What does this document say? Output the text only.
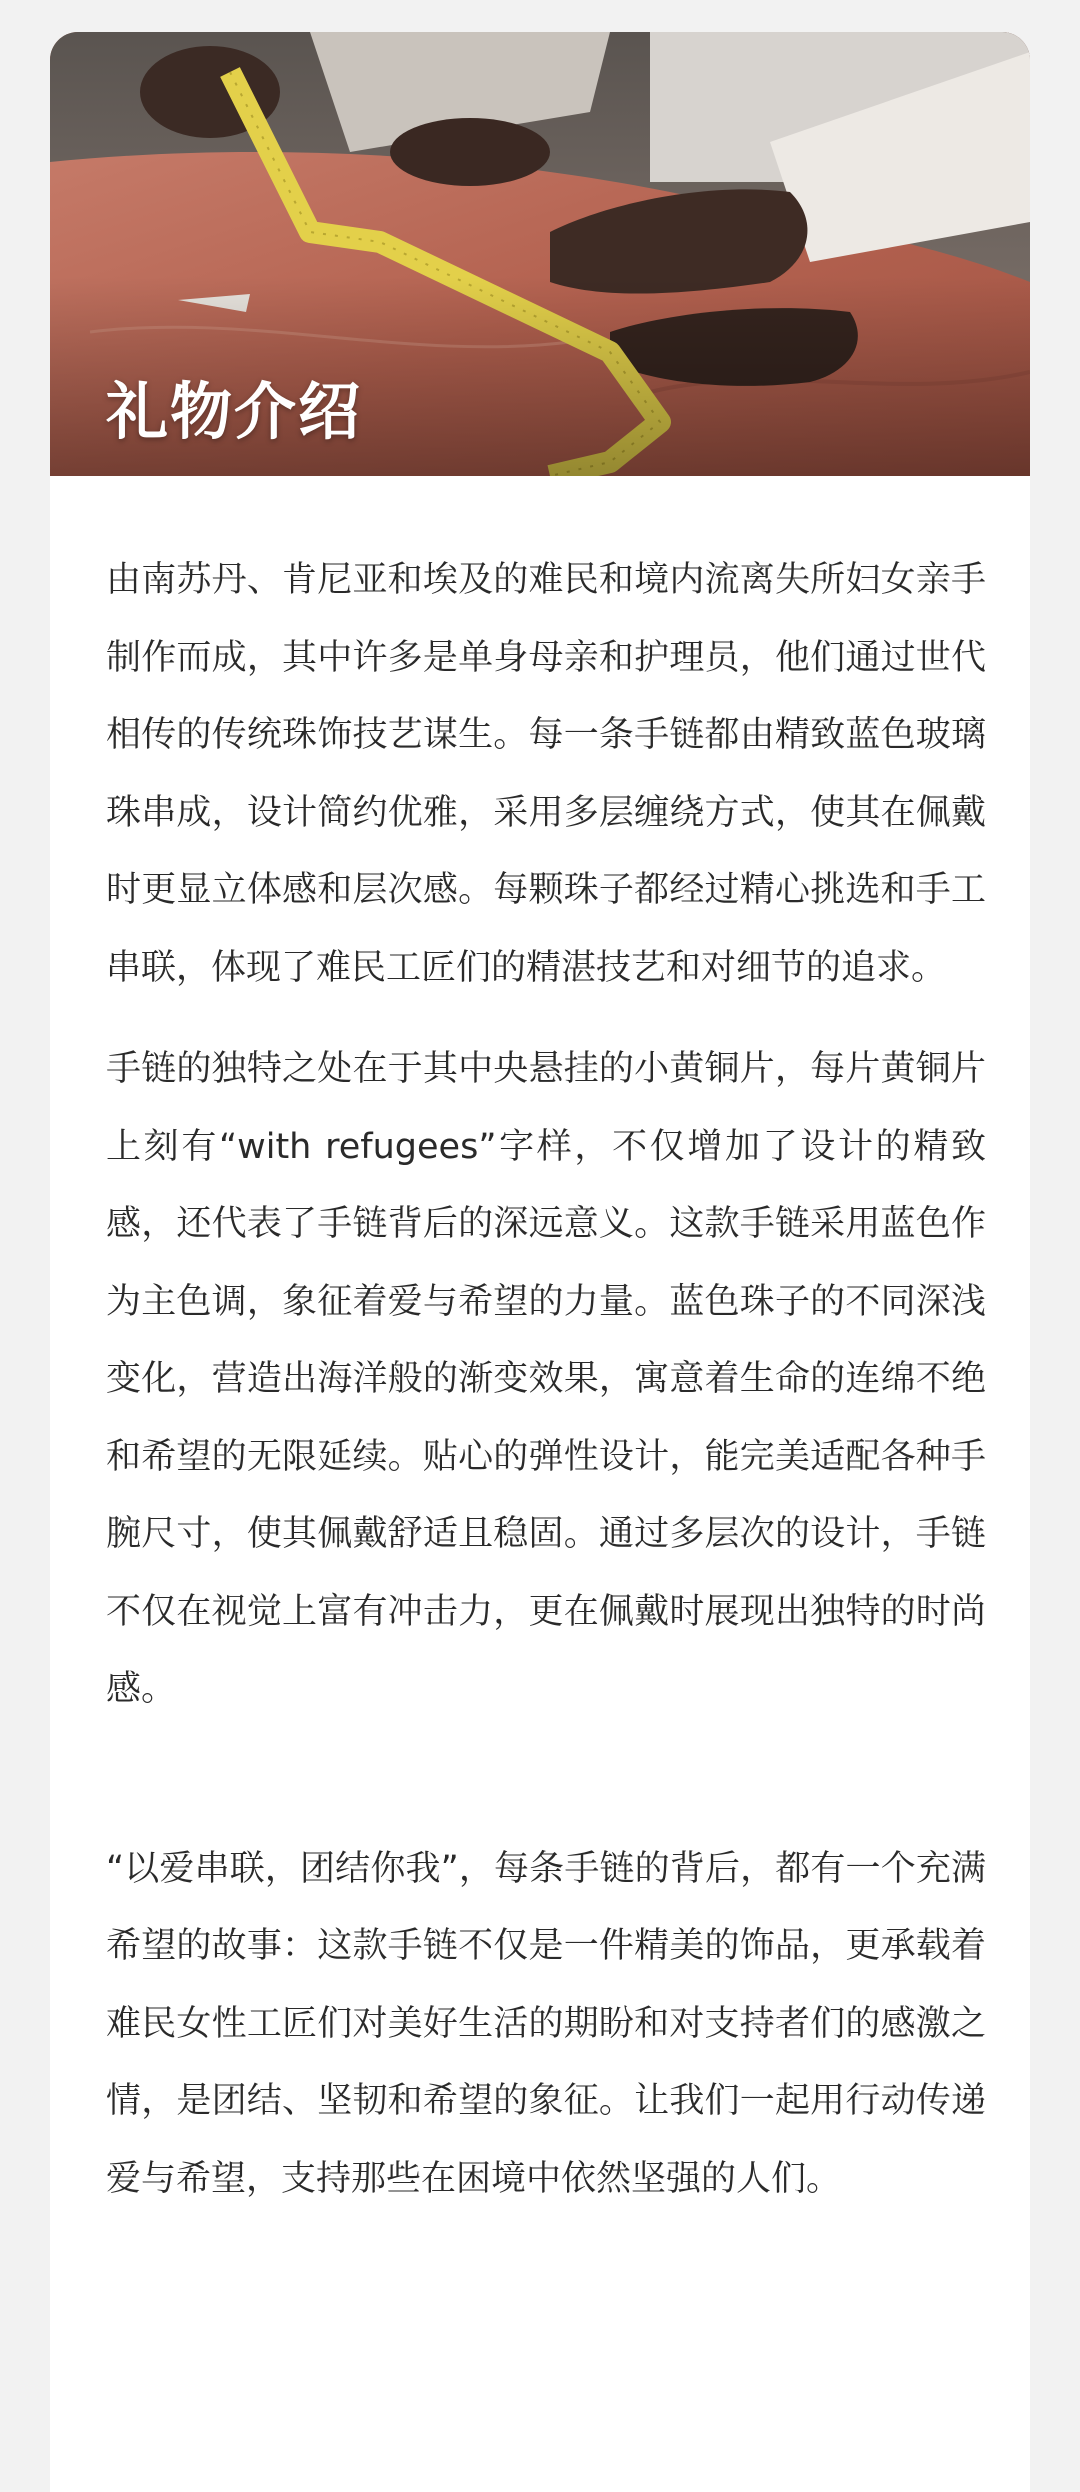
礼物介绍

由南苏丹、肯尼亚和埃及的难民和境内流离失所妇女亲手制作而成，其中许多是单身母亲和护理员，他们通过世代相传的传统珠饰技艺谋生。每一条手链都由精致蓝色玻璃珠串成，设计简约优雅，采用多层缠绕方式，使其在佩戴时更显立体感和层次感。每颗珠子都经过精心挑选和手工串联，体现了难民工匠们的精湛技艺和对细节的追求。

手链的独特之处在于其中央悬挂的小黄铜片，每片黄铜片上刻有“with refugees”字样，不仅增加了设计的精致感，还代表了手链背后的深远意义。这款手链采用蓝色作为主色调，象征着爱与希望的力量。蓝色珠子的不同深浅变化，营造出海洋般的渐变效果，寓意着生命的连绵不绝和希望的无限延续。贴心的弹性设计，能完美适配各种手腕尺寸，使其佩戴舒适且稳固。通过多层次的设计，手链不仅在视觉上富有冲击力，更在佩戴时展现出独特的时尚感。

“以爱串联，团结你我”，每条手链的背后，都有一个充满希望的故事：这款手链不仅是一件精美的饰品，更承载着难民女性工匠们对美好生活的期盼和对支持者们的感激之情，是团结、坚韧和希望的象征。让我们一起用行动传递爱与希望，支持那些在困境中依然坚强的人们。
